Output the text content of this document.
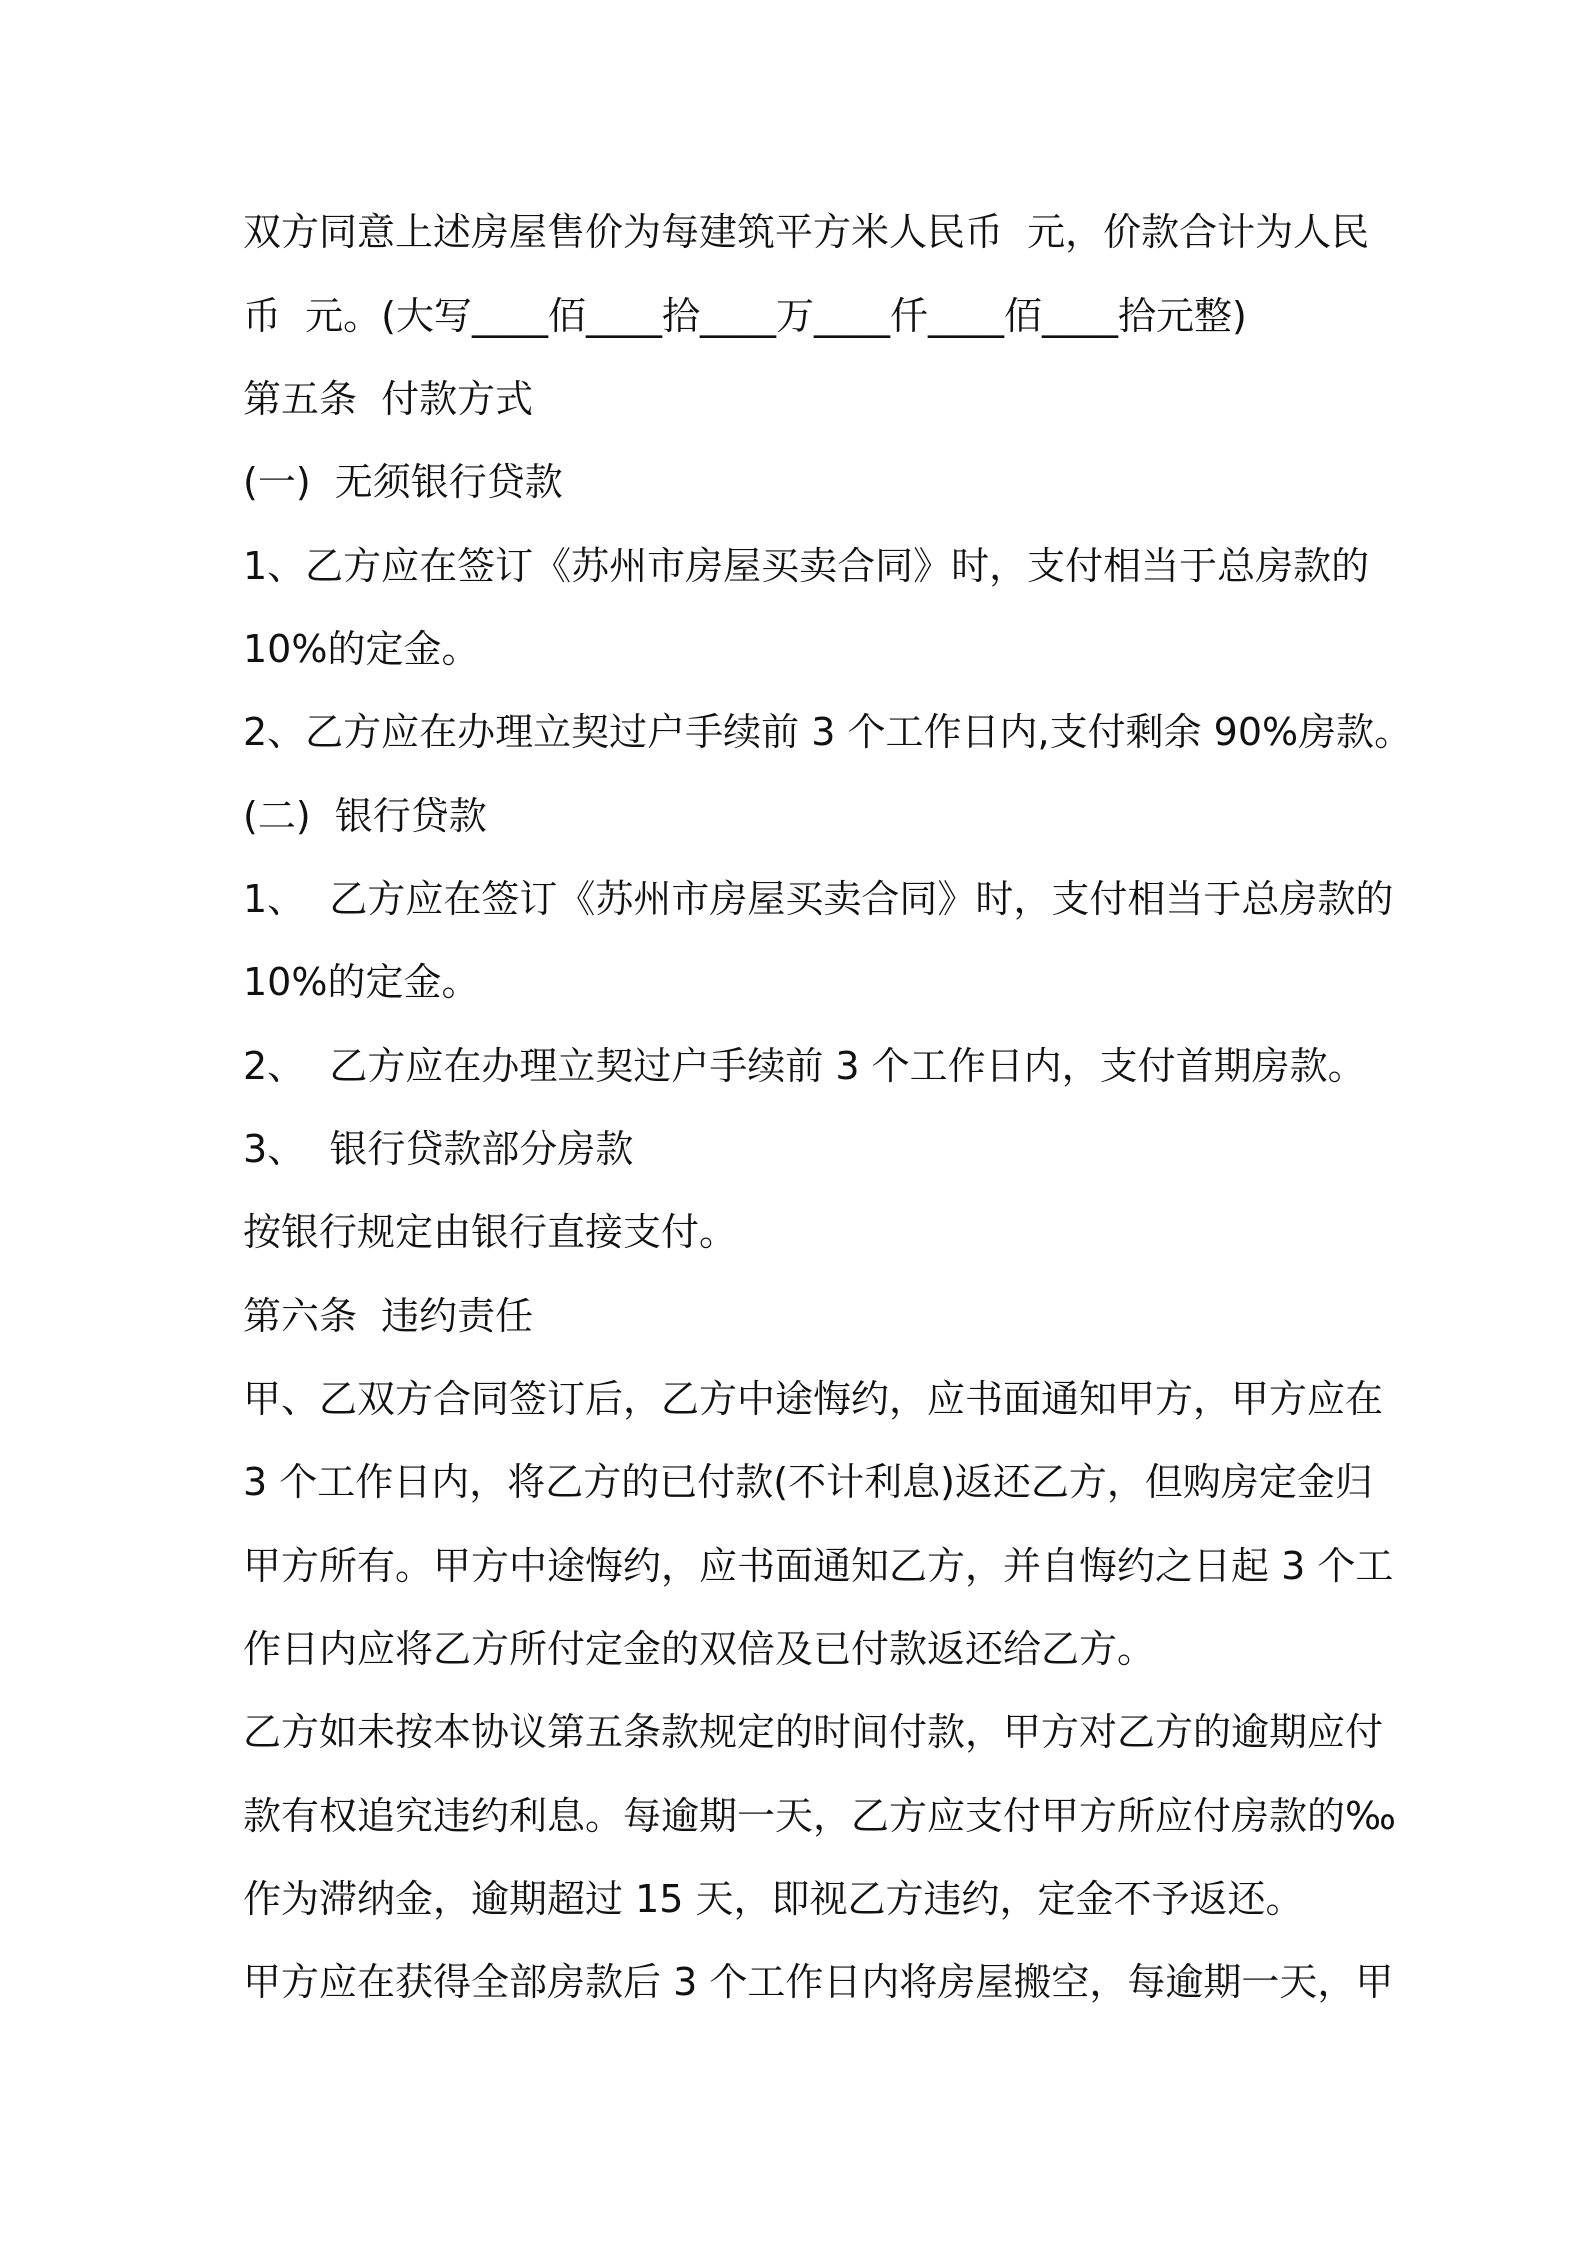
双方同意上述房屋售价为每建筑平方米人民币  元，价款合计为人民

币  元。(大写____佰____拾____万____仟____佰____拾元整)

第五条  付款方式

(一)  无须银行贷款

1、乙方应在签订《苏州市房屋买卖合同》时，支付相当于总房款的

10%的定金。

2、乙方应在办理立契过户手续前 3 个工作日内,支付剩余 90%房款。

(二)  银行贷款

1、  乙方应在签订《苏州市房屋买卖合同》时，支付相当于总房款的

10%的定金。

2、  乙方应在办理立契过户手续前 3 个工作日内，支付首期房款。

3、  银行贷款部分房款

按银行规定由银行直接支付。

第六条  违约责任

甲、乙双方合同签订后，乙方中途悔约，应书面通知甲方，甲方应在

3 个工作日内，将乙方的已付款(不计利息)返还乙方，但购房定金归

甲方所有。甲方中途悔约，应书面通知乙方，并自悔约之日起 3 个工

作日内应将乙方所付定金的双倍及已付款返还给乙方。

乙方如未按本协议第五条款规定的时间付款，甲方对乙方的逾期应付

款有权追究违约利息。每逾期一天，乙方应支付甲方所应付房款的‰

作为滞纳金，逾期超过 15 天，即视乙方违约，定金不予返还。

甲方应在获得全部房款后 3 个工作日内将房屋搬空，每逾期一天，甲
